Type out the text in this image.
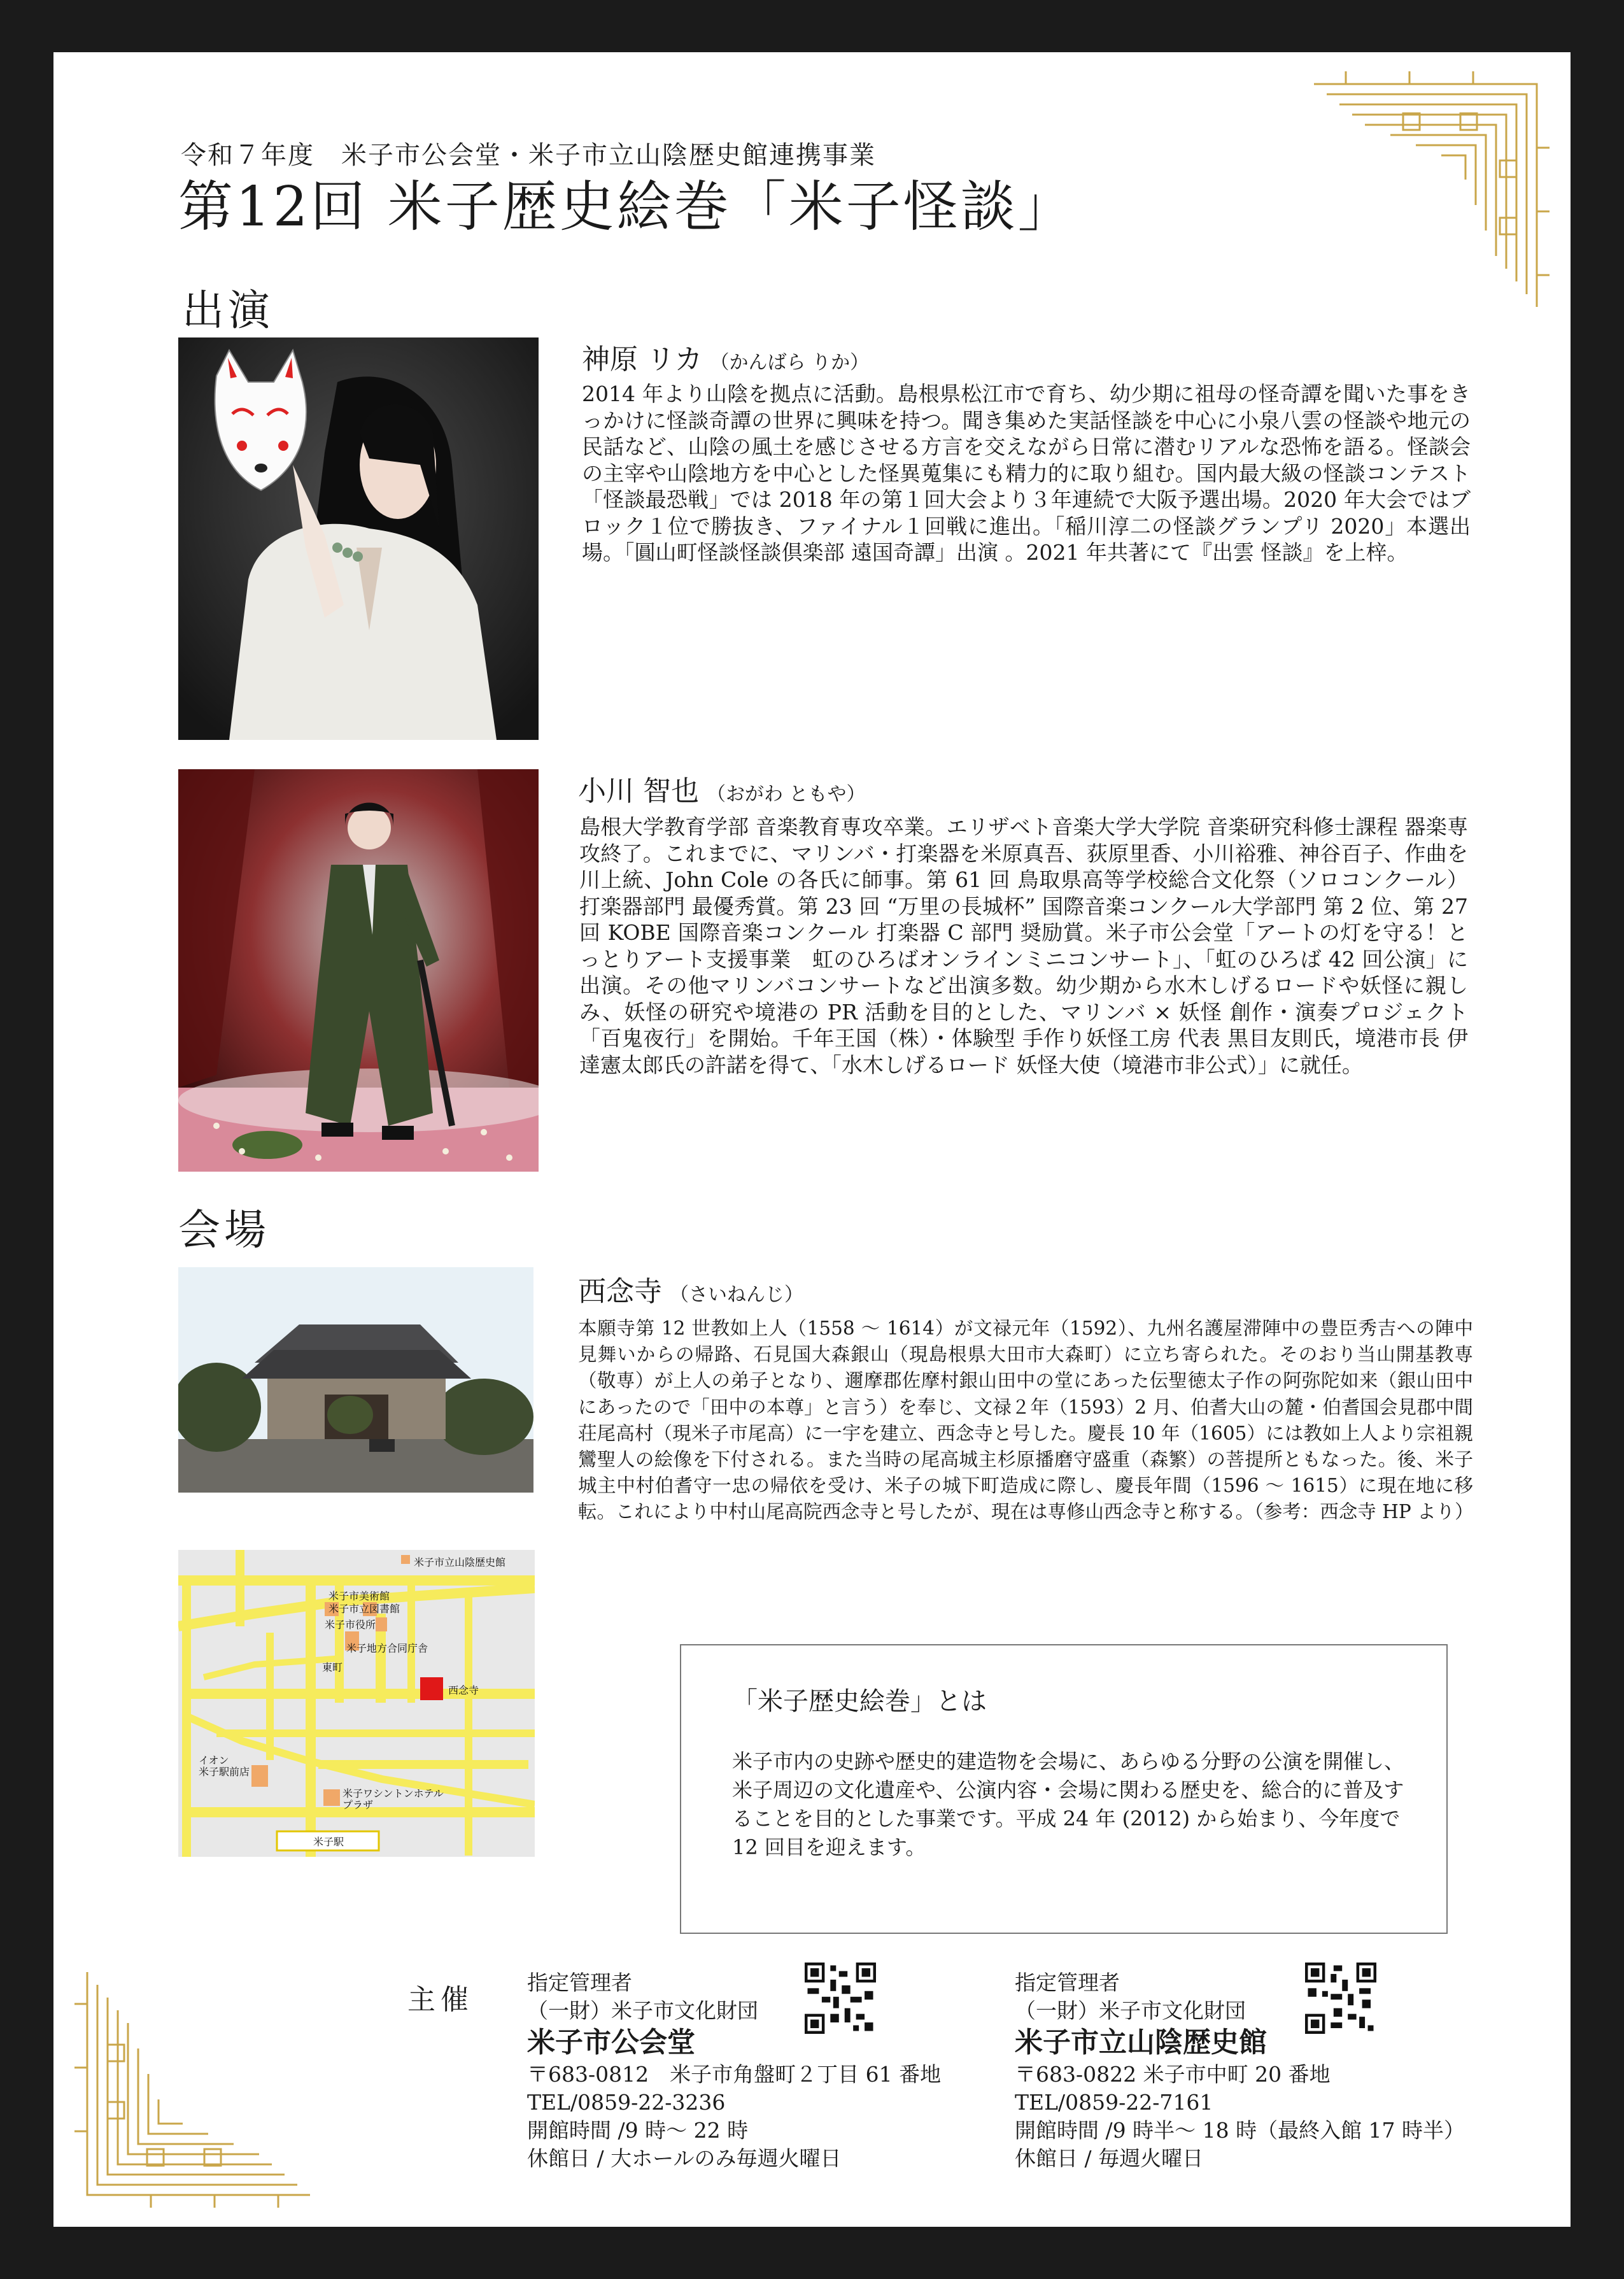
令和７年度　米子市公会堂・米子市立山陰歴史館連携事業
第12回 米子歴史絵巻「米子怪談」
出演
神原 リカ （かんばら りか）
2014 年より山陰を拠点に活動。島根県松江市で育ち、幼少期に祖母の怪奇譚を聞いた事をきっかけに怪談奇譚の世界に興味を持つ。聞き集めた実話怪談を中心に小泉八雲の怪談や地元の民話など、山陰の風土を感じさせる方言を交えながら日常に潜むリアルな恐怖を語る。怪談会の主宰や山陰地方を中心とした怪異蒐集にも精力的に取り組む。国内最大級の怪談コンテスト「怪談最恐戦」では 2018 年の第１回大会より３年連続で大阪予選出場。2020 年大会ではブロック１位で勝抜き、ファイナル１回戦に進出。「稲川淳二の怪談グランプリ 2020」本選出場。「圓山町怪談怪談倶楽部 遠国奇譚」出演 。2021 年共著にて『出雲 怪談』を上梓。
小川 智也 （おがわ ともや）
島根大学教育学部 音楽教育専攻卒業。エリザベト音楽大学大学院 音楽研究科修士課程 器楽専攻終了。これまでに、マリンバ・打楽器を米原真吾、荻原里香、小川裕雅、神谷百子、作曲を川上統、John Cole の各氏に師事。第 61 回 鳥取県高等学校総合文化祭（ソロコンクール）打楽器部門 最優秀賞。第 23 回 “万里の長城杯” 国際音楽コンクール大学部門 第 2 位、第 27 回 KOBE 国際音楽コンクール 打楽器 C 部門 奨励賞。米子市公会堂「アートの灯を守る！とっとりアート支援事業　虹のひろばオンラインミニコンサート」、「虹のひろば 42 回公演」に出演。その他マリンバコンサートなど出演多数。幼少期から水木しげるロードや妖怪に親しみ、妖怪の研究や境港の PR 活動を目的とした、マリンバ × 妖怪 創作・演奏プロジェクト「百鬼夜行」を開始。千年王国（株）・体験型 手作り妖怪工房 代表 黒目友則氏，境港市長 伊達憲太郎氏の許諾を得て、「水木しげるロード 妖怪大使（境港市非公式）」に就任。
会場
西念寺 （さいねんじ）
本願寺第 12 世教如上人（1558 ～ 1614）が文禄元年（1592）、九州名護屋滞陣中の豊臣秀吉への陣中見舞いからの帰路、石見国大森銀山（現島根県大田市大森町）に立ち寄られた。そのおり当山開基教専（敬専）が上人の弟子となり、邇摩郡佐摩村銀山田中の堂にあった伝聖徳太子作の阿弥陀如来（銀山田中にあったので「田中の本尊」と言う）を奉じ、文禄２年（1593）2 月、伯耆大山の麓・伯耆国会見郡中間荘尾高村（現米子市尾高）に一宇を建立、西念寺と号した。慶長 10 年（1605）には教如上人より宗祖親鸞聖人の絵像を下付される。また当時の尾高城主杉原播磨守盛重（森繁）の菩提所ともなった。後、米子城主中村伯耆守一忠の帰依を受け、米子の城下町造成に際し、慶長年間（1596 ～ 1615）に現在地に移転。これにより中村山尾高院西念寺と号したが、現在は専修山西念寺と称する。（参考：西念寺 HP より）
米子市立山陰歴史館
米子市美術館
米子市立図書館
米子市役所
米子地方合同庁舎
東町
西念寺
イオン
米子駅前店
米子ワシントンホテル
プラザ
米子駅
「米子歴史絵巻」とは
米子市内の史跡や歴史的建造物を会場に、あらゆる分野の公演を開催し、米子周辺の文化遺産や、公演内容・会場に関わる歴史を、総合的に普及することを目的とした事業です。平成 24 年 (2012) から始まり、今年度で 12 回目を迎えます。
主催
指定管理者
（一財）米子市文化財団
米子市公会堂
〒683-0812　米子市角盤町２丁目 61 番地
TEL/0859-22-3236
開館時間 /9 時～ 22 時
休館日 / 大ホールのみ毎週火曜日
指定管理者
（一財）米子市文化財団
米子市立山陰歴史館
〒683-0822 米子市中町 20 番地
TEL/0859-22-7161
開館時間 /9 時半～ 18 時（最終入館 17 時半）
休館日 / 毎週火曜日
